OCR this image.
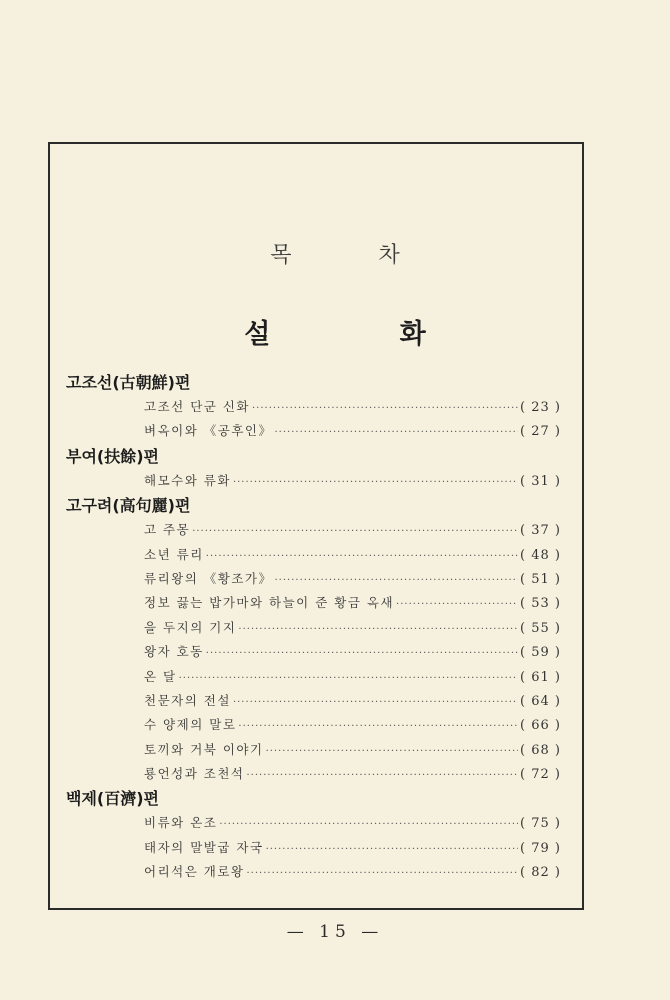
목 차
설 화
고조선(古朝鮮)편
고조선 단군 신화 ·····	( 23 )
벼옥이와 《공후인》 ·····	( 27 )
부여(扶餘)편
해모수와 류화 ·····	( 31 )
고구려(高句麗)편
고 주몽 ·····	( 37 )
소년 류리 ·····	( 48 )
류리왕의 《황조가》 ·····	( 51 )
정보 끓는 밥가마와 하늘이 준 황금 옥새 ·····	( 53 )
을 두지의 기지 ·····	( 55 )
왕자 호동 ·····	( 59 )
온 달 ·····	( 61 )
천문자의 전설 ·····	( 64 )
수 양제의 말로 ·····	( 66 )
토끼와 거북 이야기 ·····	( 68 )
룡언성과 조천석 ·····	( 72 )
백제(百濟)편
비류와 온조 ·····	( 75 )
태자의 말발굽 자국 ·····	( 79 )
어리석은 개로왕 ·····	( 82 )
— 15 —
